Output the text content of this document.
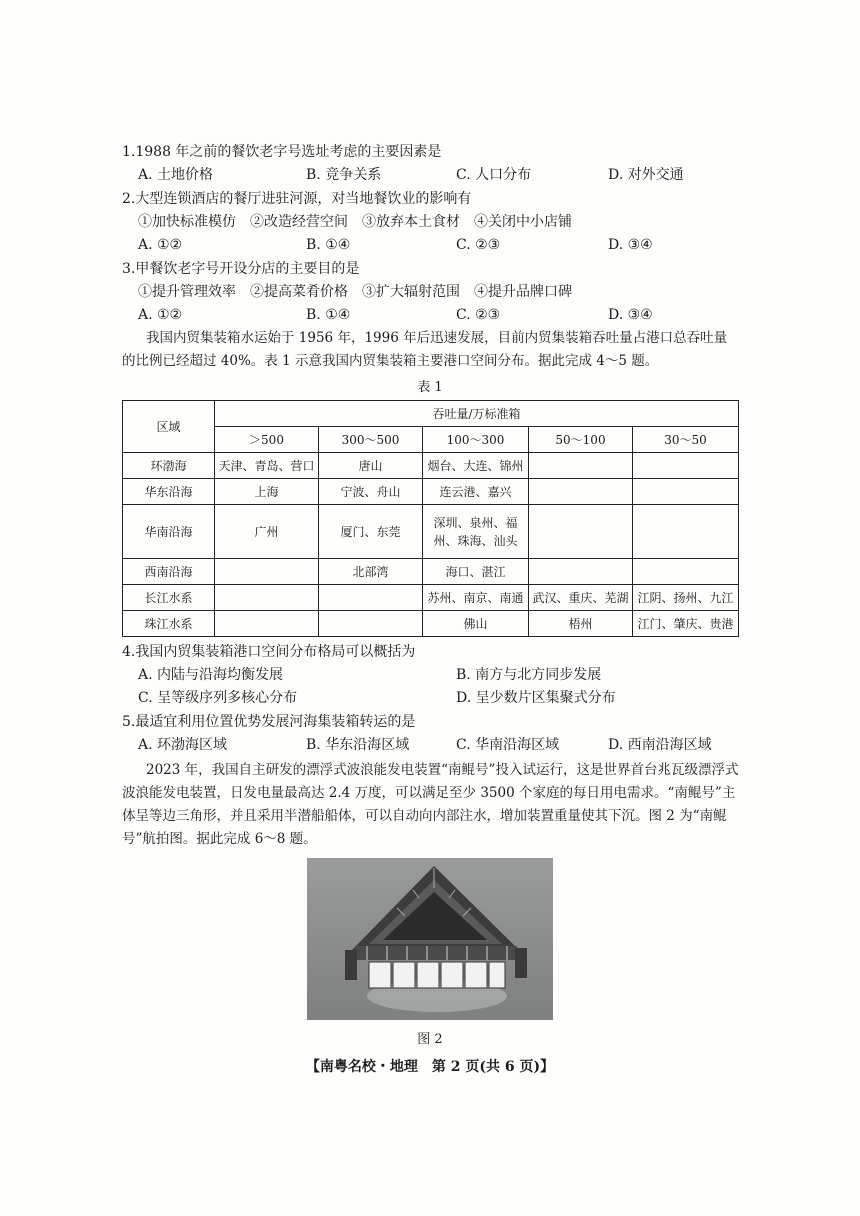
1.1988 年之前的餐饮老字号选址考虑的主要因素是
A. 土地价格	B. 竞争关系	C. 人口分布	D. 对外交通
2.大型连锁酒店的餐厅进驻河源，对当地餐饮业的影响有
①加快标准模仿　②改造经营空间　③放弃本土食材　④关闭中小店铺
A. ①②	B. ①④	C. ②③	D. ③④
3.甲餐饮老字号开设分店的主要目的是
①提升管理效率　②提高菜肴价格　③扩大辐射范围　④提升品牌口碑
A. ①②	B. ①④	C. ②③	D. ③④
我国内贸集装箱水运始于 1956 年，1996 年后迅速发展，目前内贸集装箱吞吐量占港口总吞吐量的比例已经超过 40%。表 1 示意我国内贸集装箱主要港口空间分布。据此完成 4～5 题。
表 1
区域	吞吐量/万标准箱				
	＞500	300～500	100～300	50～100	30～50
环渤海	天津、青岛、营口	唐山	烟台、大连、锦州		
华东沿海	上海	宁波、舟山	连云港、嘉兴		
华南沿海	广州	厦门、东莞	深圳、泉州、福州、珠海、汕头		
西南沿海		北部湾	海口、湛江		
长江水系			苏州、南京、南通	武汉、重庆、芜湖	江阴、扬州、九江
珠江水系			佛山	梧州	江门、肇庆、贵港
4.我国内贸集装箱港口空间分布格局可以概括为
A. 内陆与沿海均衡发展	B. 南方与北方同步发展
C. 呈等级序列多核心分布	D. 呈少数片区集聚式分布
5.最适宜利用位置优势发展河海集装箱转运的是
A. 环渤海区域	B. 华东沿海区域	C. 华南沿海区域	D. 西南沿海区域
2023 年，我国自主研发的漂浮式波浪能发电装置“南鲲号”投入试运行，这是世界首台兆瓦级漂浮式波浪能发电装置，日发电量最高达 2.4 万度，可以满足至少 3500 个家庭的每日用电需求。“南鲲号”主体呈等边三角形，并且采用半潜船船体，可以自动向内部注水，增加装置重量使其下沉。图 2 为“南鲲号”航拍图。据此完成 6～8 题。
图 2
【南粤名校・地理　第 2 页(共 6 页)】
